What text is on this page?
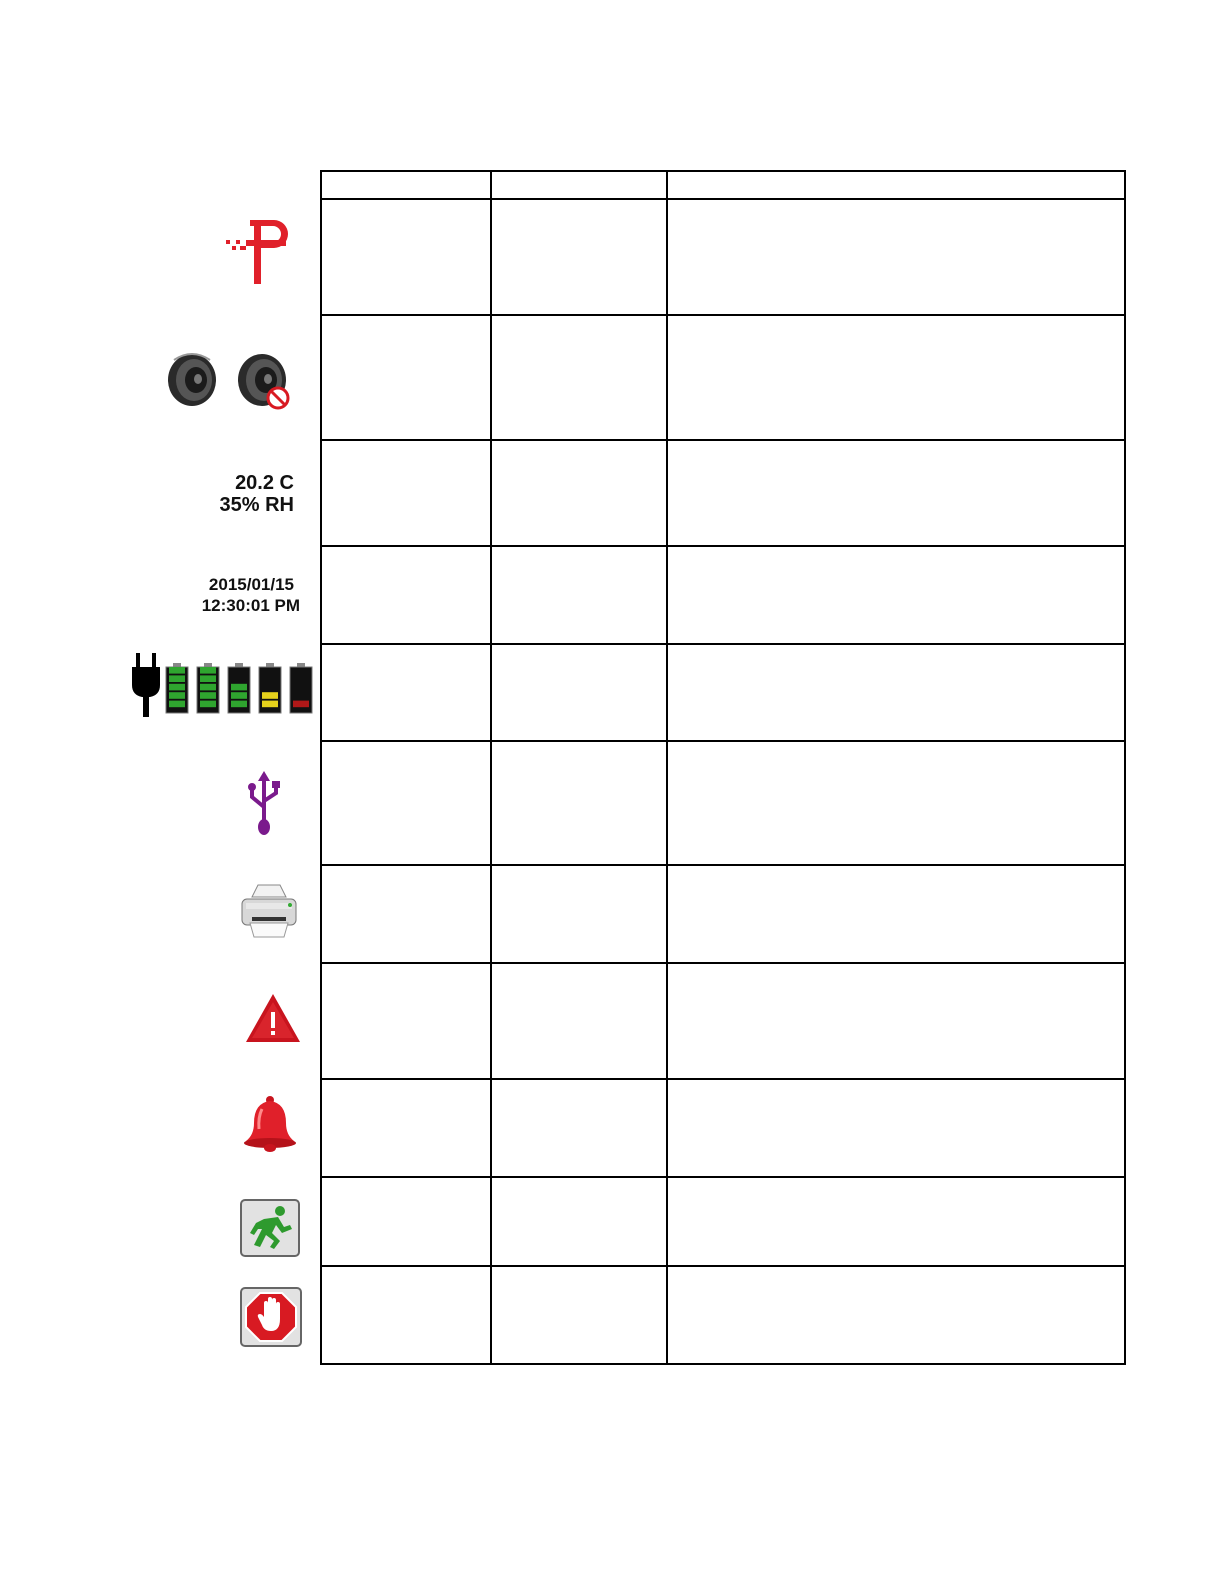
20.2 C
35% RH
2015/01/15
12:30:01 PM
